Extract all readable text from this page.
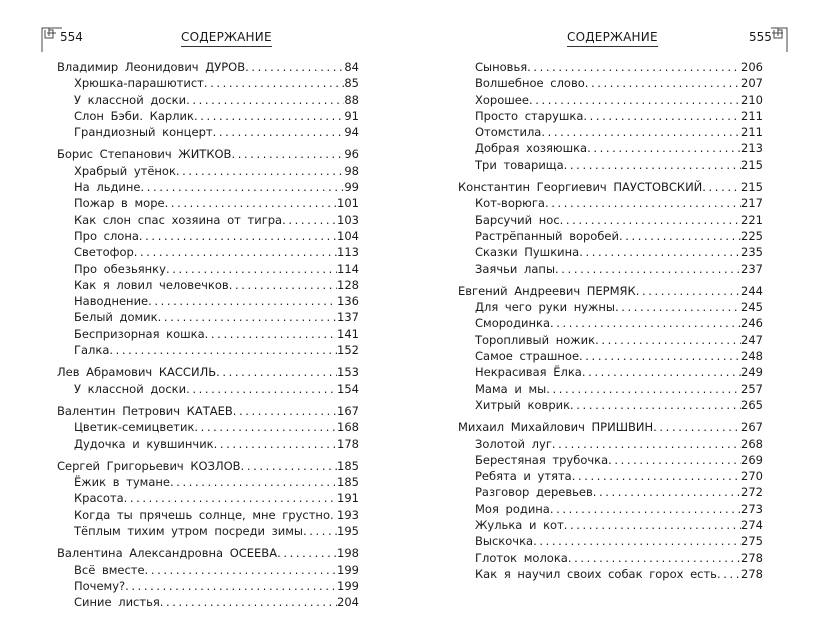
554	СОДЕРЖАНИЕ
Владимир Леонидович ДУРОВ .....	84
Хрюшка-парашютист .....	85
У классной доски .....	88
Слон Бэби. Карлик .....	91
Грандиозный концерт .....	94
Борис Степанович ЖИТКОВ .....	96
Храбрый утёнок .....	98
На льдине .....	99
Пожар в море .....	101
Как слон спас хозяина от тигра .....	103
Про слона .....	104
Светофор .....	113
Про обезьянку .....	114
Как я ловил человечков .....	128
Наводнение .....	136
Белый домик .....	137
Беспризорная кошка .....	141
Галка .....	152
Лев Абрамович КАССИЛЬ .....	153
У классной доски .....	154
Валентин Петрович КАТАЕВ .....	167
Цветик-семицветик .....	168
Дудочка и кувшинчик .....	178
Сергей Григорьевич КОЗЛОВ .....	185
Ёжик в тумане .....	185
Красота .....	191
Когда ты прячешь солнце, мне грустно ..... 193
Тёплым тихим утром посреди зимы .....	195
Валентина Александровна ОСЕЕВА .....	198
Всё вместе .....	199
Почему? .....	199
Синие листья .....	204
СОДЕРЖАНИЕ	555
Сыновья .....	206
Волшебное слово .....	207
Хорошее .....	210
Просто старушка .....	211
Отомстила .....	211
Добрая хозяюшка .....	213
Три товарища .....	215
Константин Георгиевич ПАУСТОВСКИЙ .....	215
Кот-ворюга .....	217
Барсучий нос .....	221
Растрёпанный воробей .....	225
Сказки Пушкина .....	235
Заячьи лапы .....	237
Евгений Андреевич ПЕРМЯК .....	244
Для чего руки нужны .....	245
Смородинка .....	246
Торопливый ножик .....	247
Самое страшное .....	248
Некрасивая Ёлка .....	249
Мама и мы .....	257
Хитрый коврик .....	265
Михаил Михайлович ПРИШВИН .....	267
Золотой луг .....	268
Берестяная трубочка .....	269
Ребята и утята .....	270
Разговор деревьев .....	272
Моя родина .....	273
Жулька и кот .....	274
Выскочка .....	275
Глоток молока .....	278
Как я научил своих собак горох есть ..... 278
